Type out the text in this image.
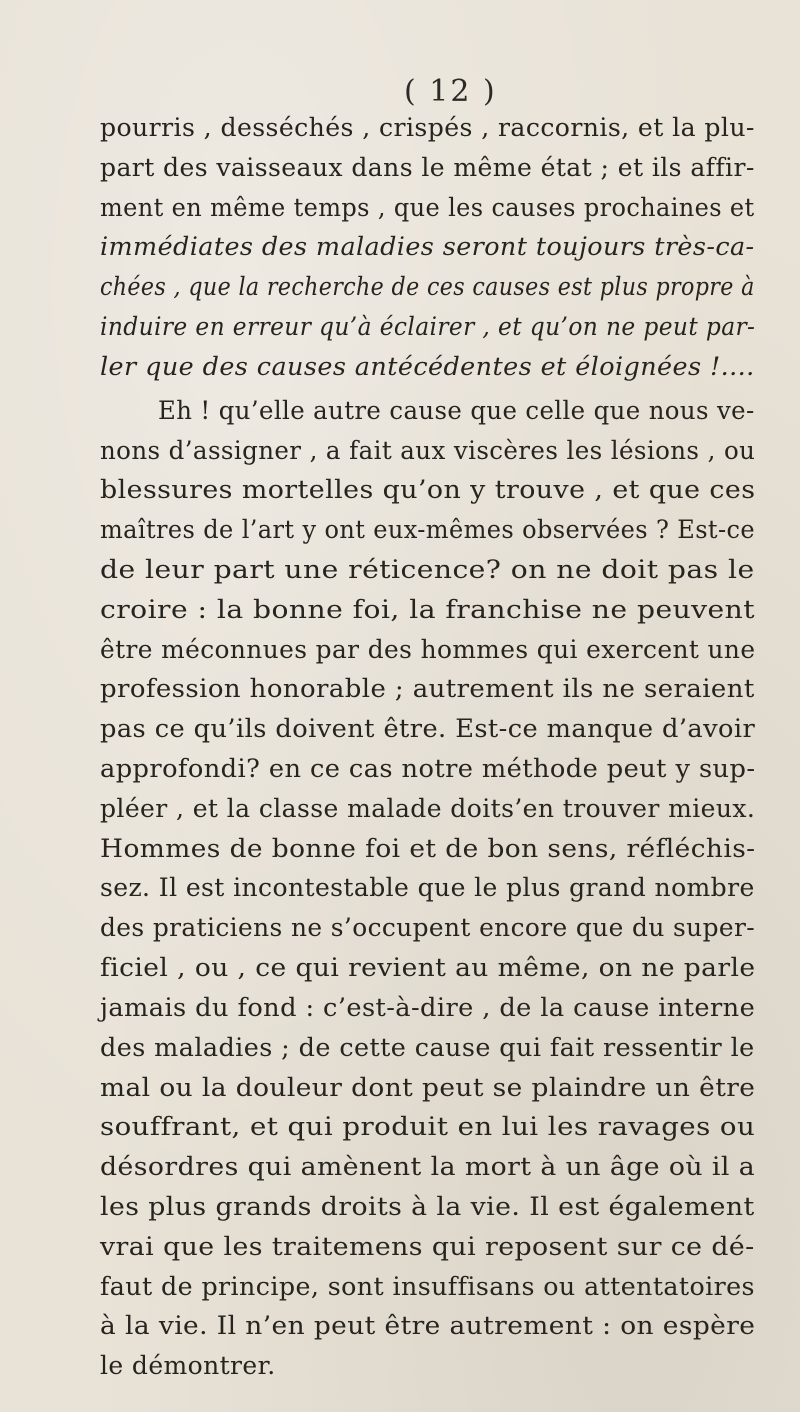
( 12 )
pourris , desséchés , crispés , raccornis, et la plu-
part des vaisseaux dans le même état ; et ils affir-
ment en même temps , que les causes prochaines et
immédiates des maladies seront toujours très-ca-
chées , que la recherche de ces causes est plus propre à
induire en erreur qu’à éclairer , et qu’on ne peut par-
ler que des causes antécédentes et éloignées !....
Eh ! qu’elle autre cause que celle que nous ve-
nons d’assigner , a fait aux viscères les lésions , ou
blessures mortelles qu’on y trouve , et que ces
maîtres de l’art y ont eux-mêmes observées ? Est-ce
de leur part une réticence? on ne doit pas le
croire : la bonne foi, la franchise ne peuvent
être méconnues par des hommes qui exercent une
profession honorable ; autrement ils ne seraient
pas ce qu’ils doivent être. Est-ce manque d’avoir
approfondi? en ce cas notre méthode peut y sup-
pléer , et la classe malade doits’en trouver mieux.
Hommes de bonne foi et de bon sens, réfléchis-
sez. Il est incontestable que le plus grand nombre
des praticiens ne s’occupent encore que du super-
ficiel , ou , ce qui revient au même, on ne parle
jamais du fond : c’est-à-dire , de la cause interne
des maladies ; de cette cause qui fait ressentir le
mal ou la douleur dont peut se plaindre un être
souffrant, et qui produit en lui les ravages ou
désordres qui amènent la mort à un âge où il a
les plus grands droits à la vie. Il est également
vrai que les traitemens qui reposent sur ce dé-
faut de principe, sont insuffisans ou attentatoires
à la vie. Il n’en peut être autrement : on espère
le démontrer.
